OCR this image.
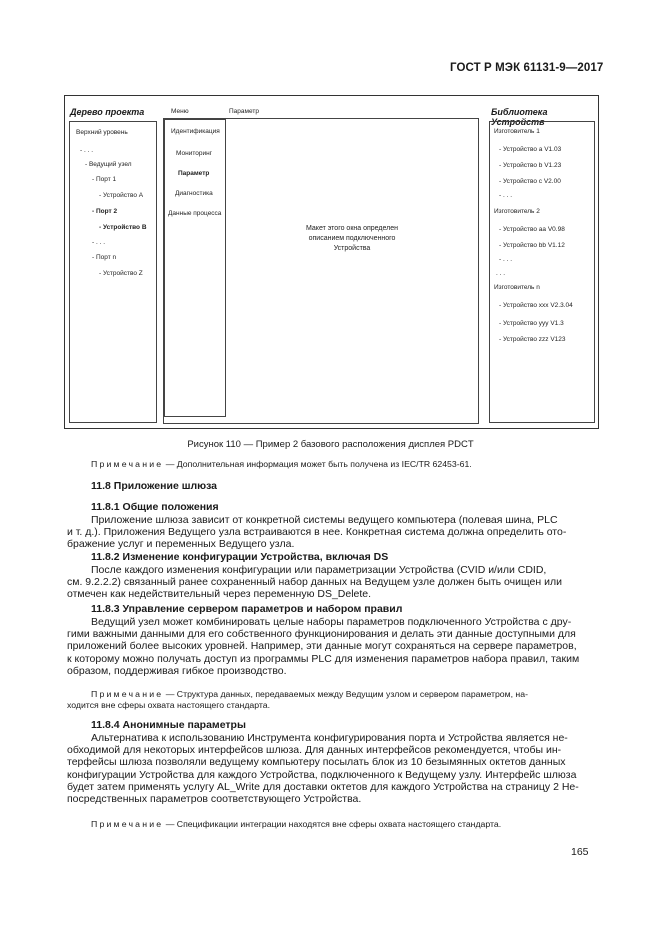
ГОСТ Р МЭК 61131-9—2017
Дерево проекта
Верхний уровень
- . . .
- Ведущий узел
- Порт 1
- Устройство А
- Порт 2
- Устройство В
- . . .
- Порт n
- Устройство Z
Меню	Параметр
Идентификация
Мониторинг
Параметр
Диагностика
Данные процесса
Макет этого окна определен
описанием подключенного
Устройства
Библиотека Устройств
Изготовитель 1
- Устройство a V1.03
- Устройство b V1.23
- Устройство c V2.00
- . . .
Изготовитель 2
- Устройство aa V0.98
- Устройство bb V1.12
- . . .
. . .
Изготовитель n
- Устройство xxx V2.3.04
- Устройство yyy V1.3
- Устройство zzz V123
Рисунок 110 — Пример 2 базового расположения дисплея PDCT
Примечание — Дополнительная информация может быть получена из IEC/TR 62453-61.
11.8 Приложение шлюза
11.8.1 Общие положения
Приложение шлюза зависит от конкретной системы ведущего компьютера (полевая шина, PLC
и т. д.). Приложения Ведущего узла встраиваются в нее. Конкретная система должна определить ото-
бражение услуг и переменных Ведущего узла.
11.8.2 Изменение конфигурации Устройства, включая DS
После каждого изменения конфигурации или параметризации Устройства (CVID и/или CDID,
см. 9.2.2.2) связанный ранее сохраненный набор данных на Ведущем узле должен быть очищен или
отмечен как недействительный через переменную DS_Delete.
11.8.3 Управление сервером параметров и набором правил
Ведущий узел может комбинировать целые наборы параметров подключенного Устройства с дру-
гими важными данными для его собственного функционирования и делать эти данные доступными для
приложений более высоких уровней. Например, эти данные могут сохраняться на сервере параметров,
к которому можно получать доступ из программы PLC для изменения параметров набора правил, таким
образом, поддерживая гибкое производство.
Примечание — Структура данных, передаваемых между Ведущим узлом и сервером параметром, на-
ходится вне сферы охвата настоящего стандарта.
11.8.4 Анонимные параметры
Альтернатива к использованию Инструмента конфигурирования порта и Устройства является не-
обходимой для некоторых интерфейсов шлюза. Для данных интерфейсов рекомендуется, чтобы ин-
терфейсы шлюза позволяли ведущему компьютеру посылать блок из 10 безымянных октетов данных
конфигурации Устройства для каждого Устройства, подключенного к Ведущему узлу. Интерфейс шлюза
будет затем применять услугу AL_Write для доставки октетов для каждого Устройства на страницу 2 Не-
посредственных параметров соответствующего Устройства.
Примечание — Спецификации интеграции находятся вне сферы охвата настоящего стандарта.
165
